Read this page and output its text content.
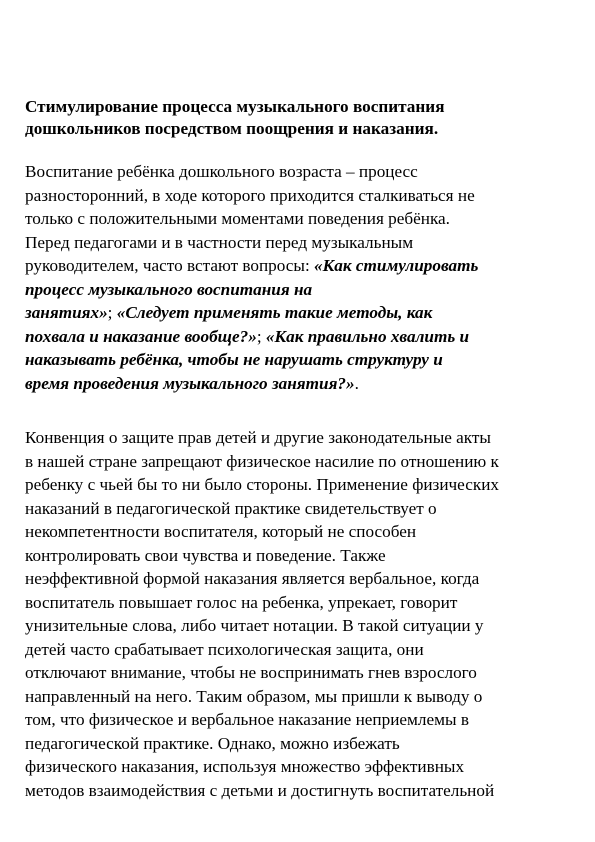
Стимулирование процесса музыкального воспитания
дошкольников посредством поощрения и наказания.

Воспитание ребёнка дошкольного возраста – процесс
разносторонний, в ходе которого приходится сталкиваться не
только с положительными моментами поведения ребёнка.
Перед педагогами и в частности перед музыкальным
руководителем, часто встают вопросы: «Как стимулировать
процесс музыкального воспитания на
занятиях»; «Следует применять такие методы, как
похвала и наказание вообще?»; «Как правильно хвалить и
наказывать ребёнка, чтобы не нарушать структуру и
время проведения музыкального занятия?».

Конвенция о защите прав детей и другие законодательные акты
в нашей стране запрещают физическое насилие по отношению к
ребенку с чьей бы то ни было стороны. Применение физических
наказаний в педагогической практике свидетельствует о
некомпетентности воспитателя, который не способен
контролировать свои чувства и поведение. Также
неэффективной формой наказания является вербальное, когда
воспитатель повышает голос на ребенка, упрекает, говорит
унизительные слова, либо читает нотации. В такой ситуации у
детей часто срабатывает психологическая защита, они
отключают внимание, чтобы не воспринимать гнев взрослого
направленный на него. Таким образом, мы пришли к выводу о
том, что физическое и вербальное наказание неприемлемы в
педагогической практике. Однако, можно избежать
физического наказания, используя множество эффективных
методов взаимодействия с детьми и достигнуть воспитательной
